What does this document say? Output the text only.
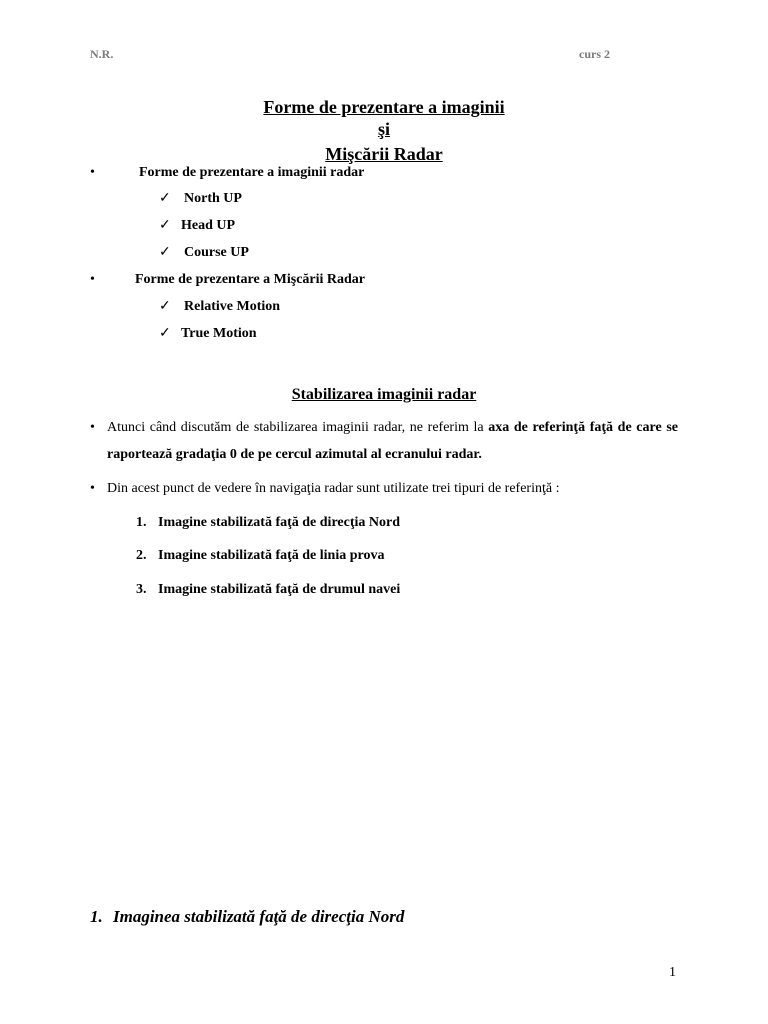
N.R.	curs 2
Forme de prezentare a imaginii
şi
Mişcării Radar
•	Forme de prezentare a imaginii radar
✓ North UP
✓ Head UP
✓ Course UP
•	Forme de prezentare a Mişcării Radar
✓ Relative Motion
✓ True Motion
Stabilizarea imaginii radar
• Atunci când discutăm de stabilizarea imaginii radar, ne referim la axa de referinţă faţă de care se raportează gradaţia 0 de pe cercul azimutal al ecranului radar.
• Din acest punct de vedere în navigaţia radar sunt utilizate trei tipuri de referinţă :
1. Imagine stabilizată faţă de direcţia Nord
2. Imagine stabilizată faţă de linia prova
3. Imagine stabilizată faţă de drumul navei
1. Imaginea stabilizată faţă de direcţia Nord
1
